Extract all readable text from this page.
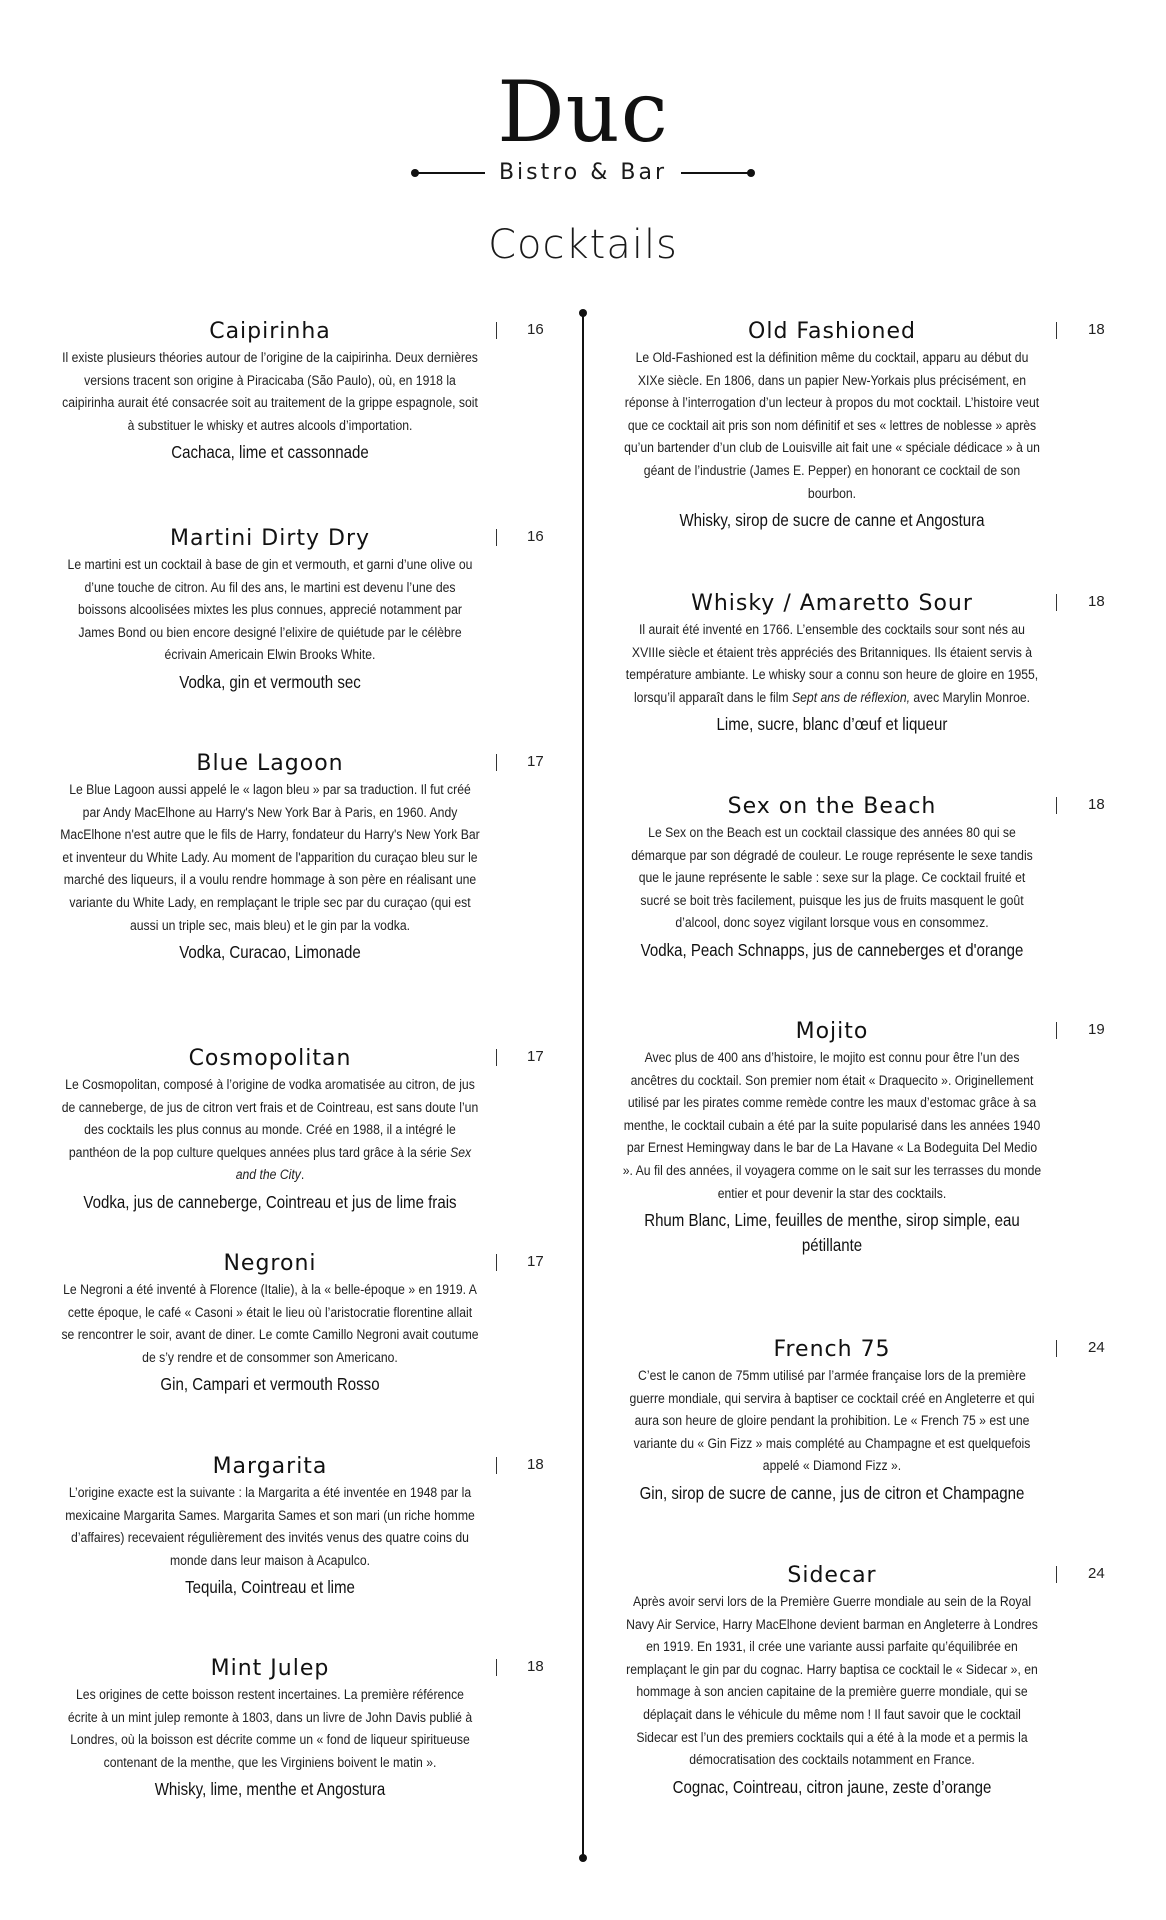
Duc
Bistro & Bar
Cocktails
Caipirinha	16
Il existe plusieurs théories autour de l’origine de la caipirinha. Deux dernières versions tracent son origine à Piracicaba (São Paulo), où, en 1918 la caipirinha aurait été consacrée soit au traitement de la grippe espagnole, soit à substituer le whisky et autres alcools d’importation.
Cachaca, lime et cassonnade
Martini Dirty Dry	16
Le martini est un cocktail à base de gin et vermouth, et garni d’une olive ou d’une touche de citron. Au fil des ans, le martini est devenu l’une des boissons alcoolisées mixtes les plus connues, apprecié notamment par James Bond ou bien encore designé l’elixire de quiétude par le célèbre écrivain Americain Elwin Brooks White.
Vodka, gin et vermouth sec
Blue Lagoon	17
Le Blue Lagoon aussi appelé le « lagon bleu » par sa traduction. Il fut créé par Andy MacElhone au Harry's New York Bar à Paris, en 1960. Andy MacElhone n'est autre que le fils de Harry, fondateur du Harry's New York Bar et inventeur du White Lady. Au moment de l'apparition du curaçao bleu sur le marché des liqueurs, il a voulu rendre hommage à son père en réalisant une variante du White Lady, en remplaçant le triple sec par du curaçao (qui est aussi un triple sec, mais bleu) et le gin par la vodka.
Vodka, Curacao, Limonade
Cosmopolitan	17
Le Cosmopolitan, composé à l’origine de vodka aromatisée au citron, de jus de canneberge, de jus de citron vert frais et de Cointreau, est sans doute l’un des cocktails les plus connus au monde. Créé en 1988, il a intégré le panthéon de la pop culture quelques années plus tard grâce à la série Sex and the City.
Vodka, jus de canneberge, Cointreau et jus de lime frais
Negroni	17
Le Negroni a été inventé à Florence (Italie), à la « belle-époque » en 1919. A cette époque, le café « Casoni » était le lieu où l’aristocratie florentine allait se rencontrer le soir, avant de diner. Le comte Camillo Negroni avait coutume de s’y rendre et de consommer son Americano.
Gin, Campari et vermouth Rosso
Margarita	18
L’origine exacte est la suivante : la Margarita a été inventée en 1948 par la mexicaine Margarita Sames. Margarita Sames et son mari (un riche homme d’affaires) recevaient régulièrement des invités venus des quatre coins du monde dans leur maison à Acapulco.
Tequila, Cointreau et lime
Mint Julep	18
Les origines de cette boisson restent incertaines. La première référence écrite à un mint julep remonte à 1803, dans un livre de John Davis publié à Londres, où la boisson est décrite comme un « fond de liqueur spiritueuse contenant de la menthe, que les Virginiens boivent le matin ».
Whisky, lime, menthe et Angostura
Old Fashioned	18
Le Old-Fashioned est la définition même du cocktail, apparu au début du XIXe siècle. En 1806, dans un papier New-Yorkais plus précisément, en réponse à l’interrogation d’un lecteur à propos du mot cocktail. L’histoire veut que ce cocktail ait pris son nom définitif et ses « lettres de noblesse » après qu’un bartender d’un club de Louisville ait fait une « spéciale dédicace » à un géant de l’industrie (James E. Pepper) en honorant ce cocktail de son bourbon.
Whisky, sirop de sucre de canne et Angostura
Whisky / Amaretto Sour	18
Il aurait été inventé en 1766. L’ensemble des cocktails sour sont nés au XVIIIe siècle et étaient très appréciés des Britanniques. Ils étaient servis à température ambiante. Le whisky sour a connu son heure de gloire en 1955, lorsqu’il apparaît dans le film Sept ans de réflexion, avec Marylin Monroe.
Lime, sucre, blanc d’œuf et liqueur
Sex on the Beach	18
Le Sex on the Beach est un cocktail classique des années 80 qui se démarque par son dégradé de couleur. Le rouge représente le sexe tandis que le jaune représente le sable : sexe sur la plage. Ce cocktail fruité et sucré se boit très facilement, puisque les jus de fruits masquent le goût d’alcool, donc soyez vigilant lorsque vous en consommez.
Vodka, Peach Schnapps, jus de canneberges et d'orange
Mojito	19
Avec plus de 400 ans d’histoire, le mojito est connu pour être l’un des ancêtres du cocktail. Son premier nom était « Draquecito ». Originellement utilisé par les pirates comme remède contre les maux d’estomac grâce à sa menthe, le cocktail cubain a été par la suite popularisé dans les années 1940 par Ernest Hemingway dans le bar de La Havane « La Bodeguita Del Medio ». Au fil des années, il voyagera comme on le sait sur les terrasses du monde entier et pour devenir la star des cocktails.
Rhum Blanc, Lime, feuilles de menthe, sirop simple, eau pétillante
French 75	24
C’est le canon de 75mm utilisé par l’armée française lors de la première guerre mondiale, qui servira à baptiser ce cocktail créé en Angleterre et qui aura son heure de gloire pendant la prohibition. Le « French 75 » est une variante du « Gin Fizz » mais complété au Champagne et est quelquefois appelé « Diamond Fizz ».
Gin, sirop de sucre de canne, jus de citron et Champagne
Sidecar	24
Après avoir servi lors de la Première Guerre mondiale au sein de la Royal Navy Air Service, Harry MacElhone devient barman en Angleterre à Londres en 1919. En 1931, il crée une variante aussi parfaite qu’équilibrée en remplaçant le gin par du cognac. Harry baptisa ce cocktail le « Sidecar », en hommage à son ancien capitaine de la première guerre mondiale, qui se déplaçait dans le véhicule du même nom ! Il faut savoir que le cocktail Sidecar est l’un des premiers cocktails qui a été à la mode et a permis la démocratisation des cocktails notamment en France.
Cognac, Cointreau, citron jaune, zeste d’orange
